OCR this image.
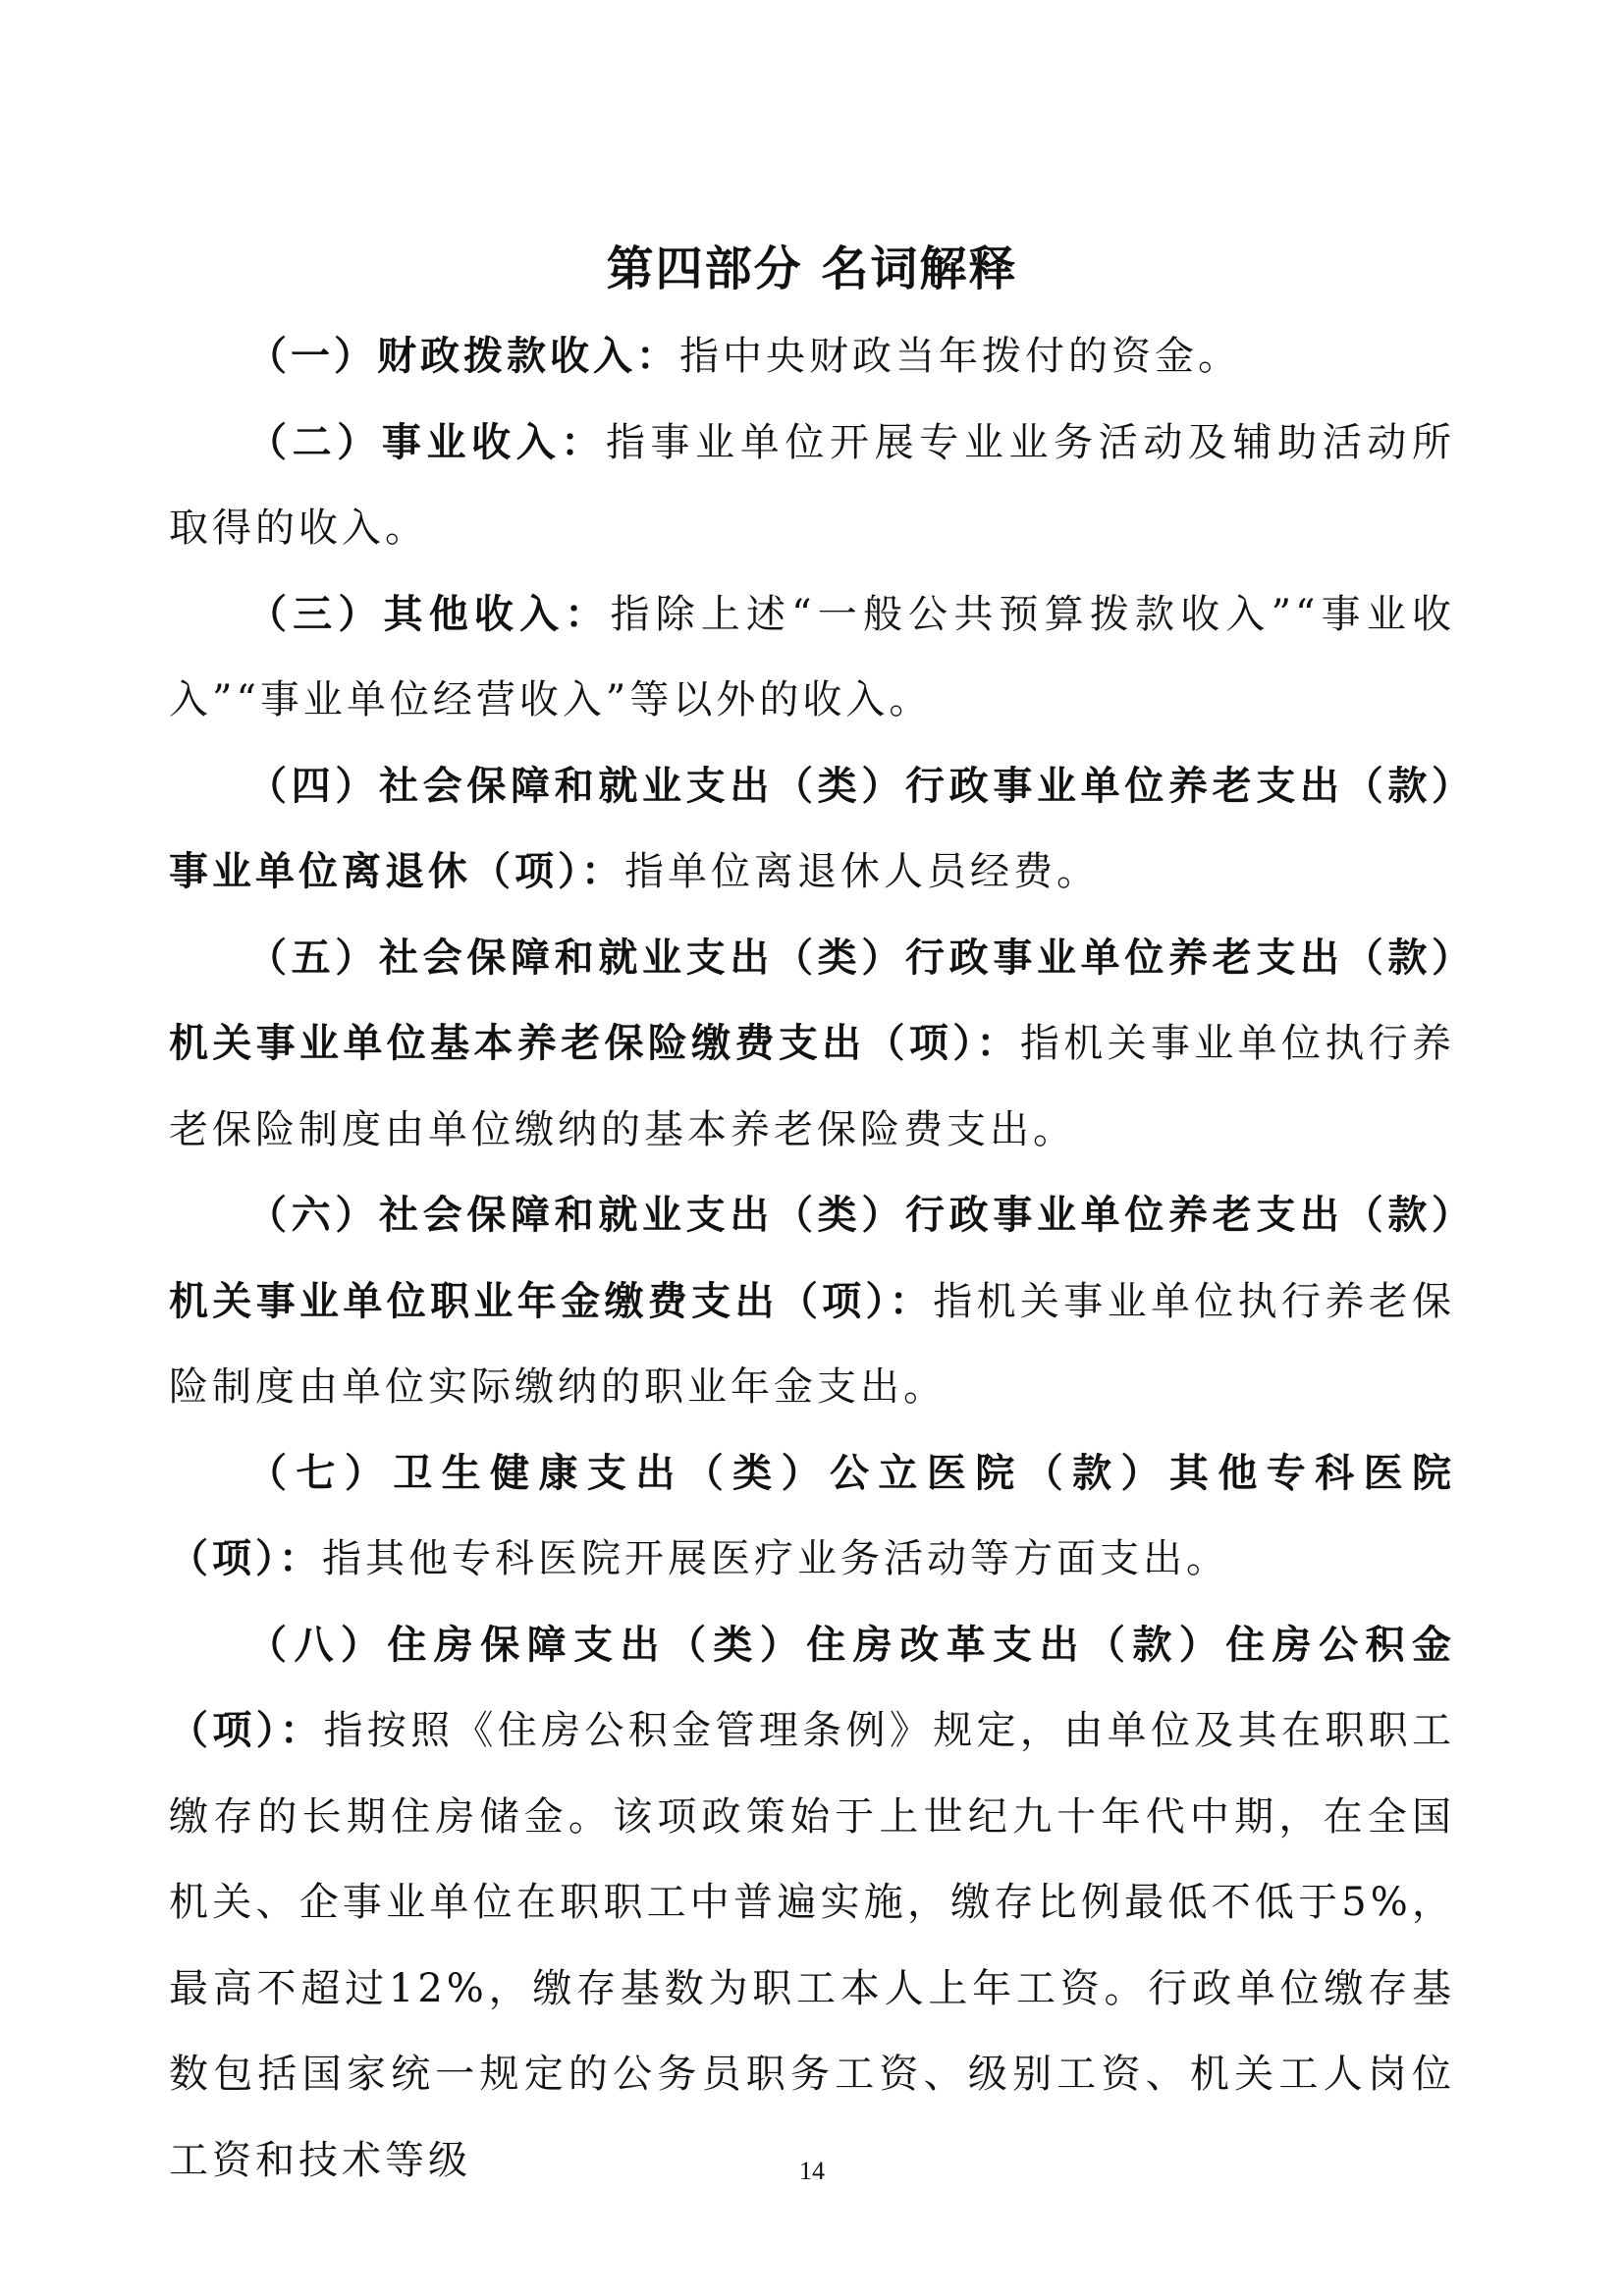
第四部分 名词解释

（一）财政拨款收入：指中央财政当年拨付的资金。

（二）事业收入：指事业单位开展专业业务活动及辅助活动所取得的收入。

（三）其他收入：指除上述“一般公共预算拨款收入”“事业收入”“事业单位经营收入”等以外的收入。

（四）社会保障和就业支出（类）行政事业单位养老支出（款）事业单位离退休（项）：指单位离退休人员经费。

（五）社会保障和就业支出（类）行政事业单位养老支出（款）机关事业单位基本养老保险缴费支出（项）：指机关事业单位执行养老保险制度由单位缴纳的基本养老保险费支出。

（六）社会保障和就业支出（类）行政事业单位养老支出（款）机关事业单位职业年金缴费支出（项）：指机关事业单位执行养老保险制度由单位实际缴纳的职业年金支出。

（七）卫生健康支出（类）公立医院（款）其他专科医院（项）：指其他专科医院开展医疗业务活动等方面支出。

（八）住房保障支出（类）住房改革支出（款）住房公积金（项）：指按照《住房公积金管理条例》规定，由单位及其在职职工缴存的长期住房储金。该项政策始于上世纪九十年代中期，在全国机关、企事业单位在职职工中普遍实施，缴存比例最低不低于5%，最高不超过12%，缴存基数为职工本人上年工资。行政单位缴存基数包括国家统一规定的公务员职务工资、级别工资、机关工人岗位工资和技术等级	14
